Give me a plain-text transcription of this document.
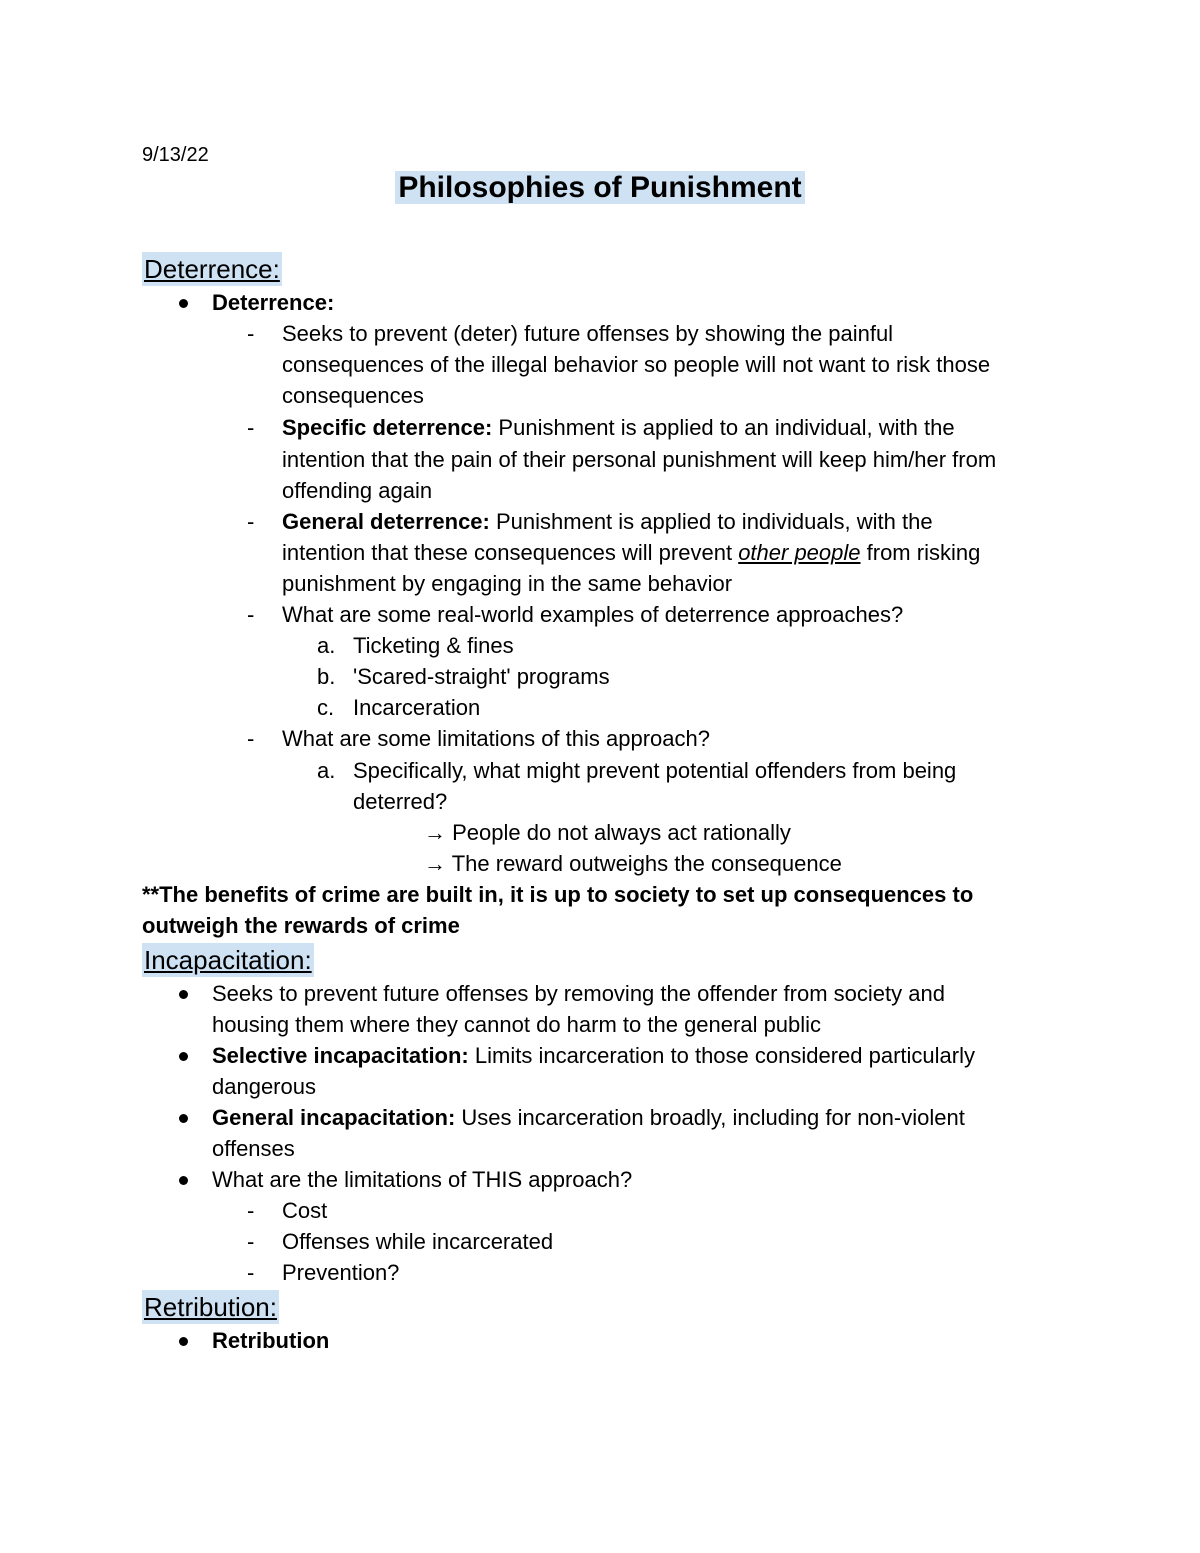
9/13/22
Philosophies of Punishment
Deterrence:
Deterrence:
- Seeks to prevent (deter) future offenses by showing the painful
consequences of the illegal behavior so people will not want to risk those
consequences
- Specific deterrence: Punishment is applied to an individual, with the
intention that the pain of their personal punishment will keep him/her from
offending again
- General deterrence: Punishment is applied to individuals, with the
intention that these consequences will prevent other people from risking
punishment by engaging in the same behavior
- What are some real-world examples of deterrence approaches?
a. Ticketing & fines
b. 'Scared-straight' programs
c. Incarceration
- What are some limitations of this approach?
a. Specifically, what might prevent potential offenders from being
deterred?
→ People do not always act rationally
→ The reward outweighs the consequence
**The benefits of crime are built in, it is up to society to set up consequences to
outweigh the rewards of crime
Incapacitation:
Seeks to prevent future offenses by removing the offender from society and
housing them where they cannot do harm to the general public
Selective incapacitation: Limits incarceration to those considered particularly
dangerous
General incapacitation: Uses incarceration broadly, including for non-violent
offenses
What are the limitations of THIS approach?
- Cost
- Offenses while incarcerated
- Prevention?
Retribution:
Retribution
